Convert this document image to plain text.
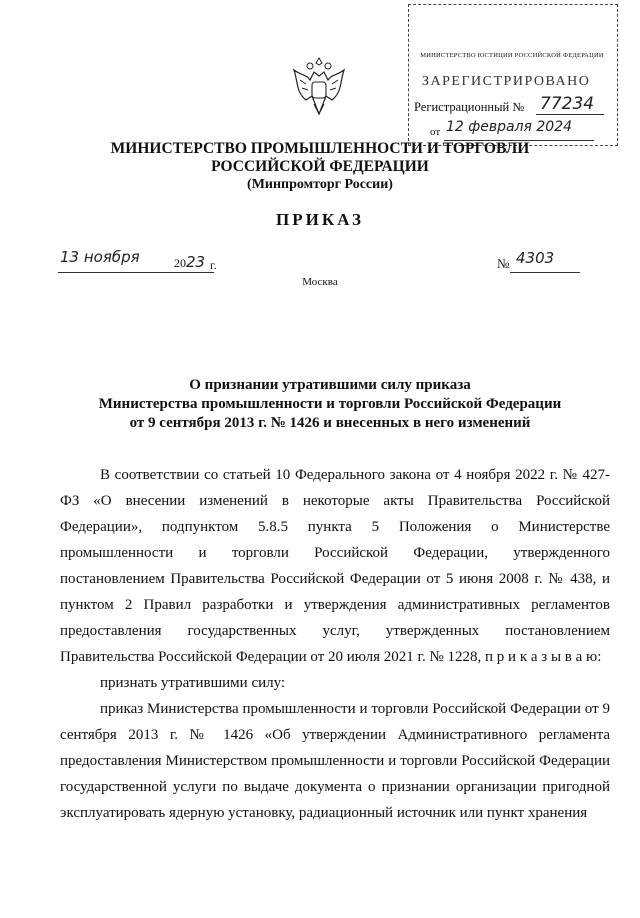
МИНИСТЕРСТВО ЮСТИЦИИ РОССИЙСКОЙ ФЕДЕРАЦИИ
ЗАРЕГИСТРИРОВАНО
Регистрационный № 77234
от 12 февраля 2024
МИНИСТЕРСТВО ПРОМЫШЛЕННОСТИ И ТОРГОВЛИ
РОССИЙСКОЙ ФЕДЕРАЦИИ
(Минпромторг России)
ПРИКАЗ
13 ноября	2023 г.	№ 4303
Москва
О признании утратившими силу приказа
Министерства промышленности и торговли Российской Федерации
от 9 сентября 2013 г. № 1426 и внесенных в него изменений

В соответствии со статьей 10 Федерального закона от 4 ноября 2022 г. № 427-ФЗ «О внесении изменений в некоторые акты Правительства Российской Федерации», подпунктом 5.8.5 пункта 5 Положения о Министерстве промышленности и торговли Российской Федерации, утвержденного постановлением Правительства Российской Федерации от 5 июня 2008 г. № 438, и пунктом 2 Правил разработки и утверждения административных регламентов предоставления государственных услуг, утвержденных постановлением Правительства Российской Федерации от 20 июля 2021 г. № 1228, п р и к а з ы в а ю:

признать утратившими силу:

приказ Министерства промышленности и торговли Российской Федерации от 9 сентября 2013 г. № 1426 «Об утверждении Административного регламента предоставления Министерством промышленности и торговли Российской Федерации государственной услуги по выдаче документа о признании организации пригодной эксплуатировать ядерную установку, радиационный источник или пункт хранения
